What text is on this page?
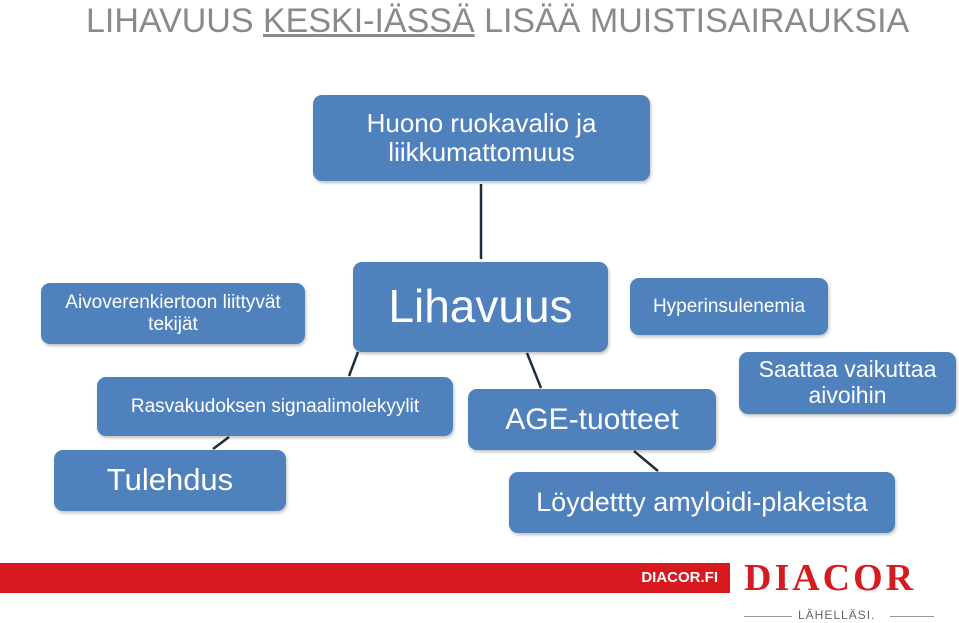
LIHAVUUS KESKI-IÄSSÄ LISÄÄ MUISTISAIRAUKSIA
Huono ruokavalio ja liikkumattomuus
Aivoverenkiertoon liittyvät tekijät	Lihavuus	Hyperinsulenemia
Rasvakudoksen signaalimolekyylit	AGE-tuotteet
Saattaa vaikuttaa aivoihin
Tulehdus
Löydettty amyloidi-plakeista
DIACOR.FI DIACOR
LÄHELLÄSI.
